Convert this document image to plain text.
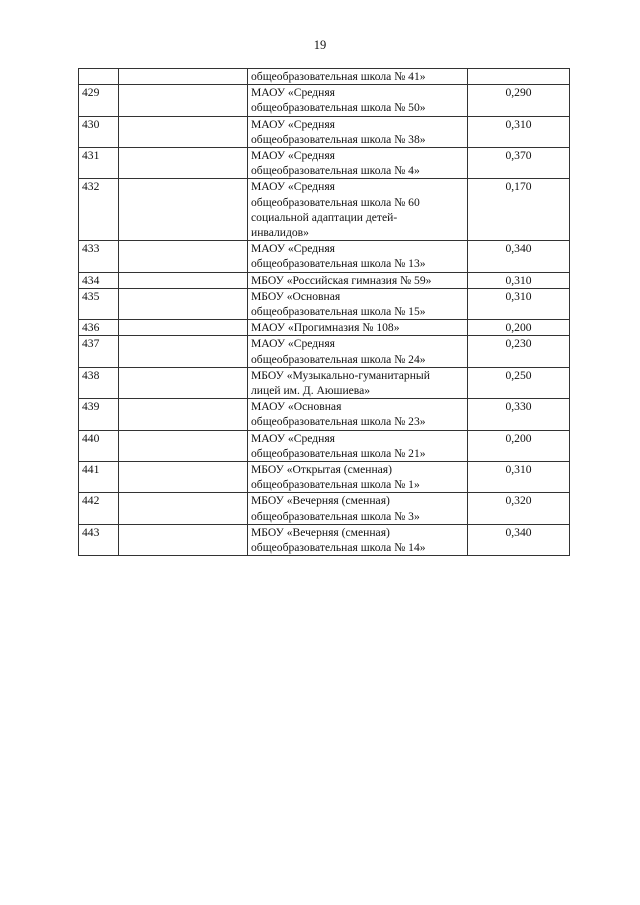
19

		общеобразовательная школа № 41»	

429		МАОУ «Средняя
общеобразовательная школа № 50»	0,290
430		МАОУ «Средняя
общеобразовательная школа № 38»	0,310
431		МАОУ «Средняя
общеобразовательная школа № 4»	0,370
432		МАОУ «Средняя
общеобразовательная школа № 60
социальной адаптации детей-
инвалидов»	0,170
433		МАОУ «Средняя
общеобразовательная школа № 13»	0,340
434		МБОУ «Российская гимназия № 59»	0,310
435		МБОУ «Основная
общеобразовательная школа № 15»	0,310
436		МАОУ «Прогимназия № 108»	0,200
437		МАОУ «Средняя
общеобразовательная школа № 24»	0,230
438		МБОУ «Музыкально-гуманитарный
лицей им. Д. Аюшиева»	0,250
439		МАОУ «Основная
общеобразовательная школа № 23»	0,330
440		МАОУ «Средняя
общеобразовательная школа № 21»	0,200
441		МБОУ «Открытая (сменная)
общеобразовательная школа № 1»	0,310
442		МБОУ «Вечерняя (сменная)
общеобразовательная школа № 3»	0,320
443		МБОУ «Вечерняя (сменная)
общеобразовательная школа № 14»	0,340
